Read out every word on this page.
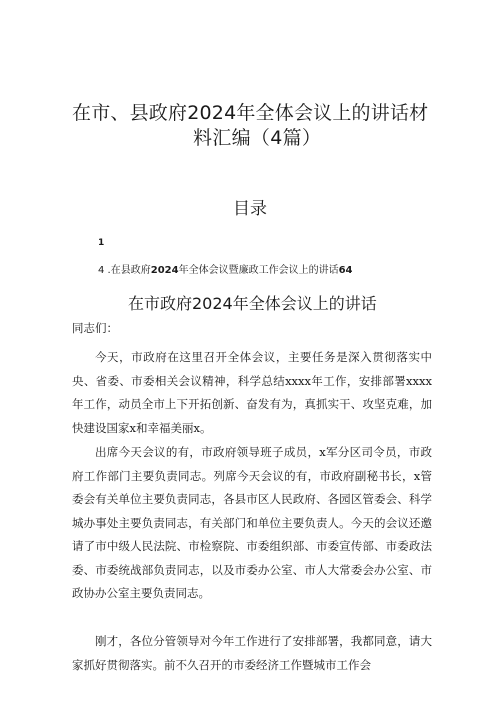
在市、县政府2024年全体会议上的讲话材
料汇编（4篇）
目录
1
4 .在县政府2024年全体会议暨廉政工作会议上的讲话64
在市政府2024年全体会议上的讲话
同志们：

今天，市政府在这里召开全体会议，主要任务是深入贯彻落实中央、省委、市委相关会议精神，科学总结xxxx年工作，安排部署xxxx年工作，动员全市上下开拓创新、奋发有为，真抓实干、攻坚克难，加快建设国家x和幸福美丽x。

出席今天会议的有，市政府领导班子成员，x军分区司令员，市政府工作部门主要负责同志。列席今天会议的有，市政府副秘书长，x管委会有关单位主要负责同志，各县市区人民政府、各园区管委会、科学城办事处主要负责同志，有关部门和单位主要负责人。今天的会议还邀请了市中级人民法院、市检察院、市委组织部、市委宣传部、市委政法委、市委统战部负责同志，以及市委办公室、市人大常委会办公室、市政协办公室主要负责同志。

刚才，各位分管领导对今年工作进行了安排部署，我都同意，请大家抓好贯彻落实。前不久召开的市委经济工作暨城市工作会
